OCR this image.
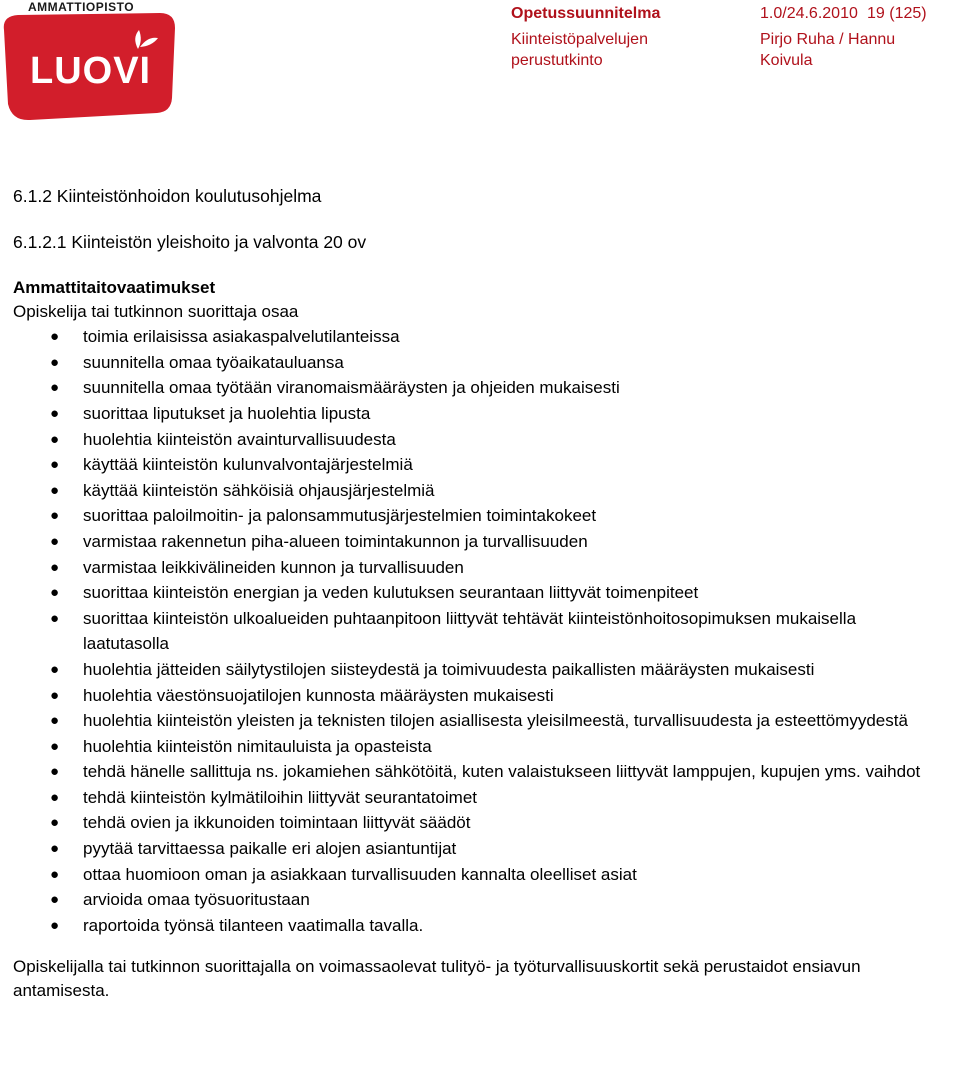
AMMATTIOPISTO
LUOVI
Opetussuunnitelma	1.0/24.6.2010 19 (125)
Kiinteistöpalvelujen perustutkinto
Pirjo Ruha / Hannu Koivula
6.1.2 Kiinteistönhoidon koulutusohjelma
6.1.2.1 Kiinteistön yleishoito ja valvonta 20 ov
Ammattitaitovaatimukset

Opiskelija tai tutkinnon suorittaja osaa

● toimia erilaisissa asiakaspalvelutilanteissa
● suunnitella omaa työaikatauluansa
● suunnitella omaa työtään viranomaismääräysten ja ohjeiden mukaisesti
● suorittaa liputukset ja huolehtia lipusta
● huolehtia kiinteistön avainturvallisuudesta
● käyttää kiinteistön kulunvalvontajärjestelmiä
● käyttää kiinteistön sähköisiä ohjausjärjestelmiä
● suorittaa paloilmoitin- ja palonsammutusjärjestelmien toimintakokeet
● varmistaa rakennetun piha-alueen toimintakunnon ja turvallisuuden
● varmistaa leikkivälineiden kunnon ja turvallisuuden
● suorittaa kiinteistön energian ja veden kulutuksen seurantaan liittyvät toimenpiteet
● suorittaa kiinteistön ulkoalueiden puhtaanpitoon liittyvät tehtävät kiinteistönhoitosopimuksen mukaisella laatutasolla
● huolehtia jätteiden säilytystilojen siisteydestä ja toimivuudesta paikallisten määräysten mukaisesti
● huolehtia väestönsuojatilojen kunnosta määräysten mukaisesti
● huolehtia kiinteistön yleisten ja teknisten tilojen asiallisesta yleisilmeestä, turvallisuudesta ja esteettömyydestä
● huolehtia kiinteistön nimitauluista ja opasteista
● tehdä hänelle sallittuja ns. jokamiehen sähkötöitä, kuten valaistukseen liittyvät lamppujen, kupujen yms. vaihdot
● tehdä kiinteistön kylmätiloihin liittyvät seurantatoimet
● tehdä ovien ja ikkunoiden toimintaan liittyvät säädöt
● pyytää tarvittaessa paikalle eri alojen asiantuntijat
● ottaa huomioon oman ja asiakkaan turvallisuuden kannalta oleelliset asiat
● arvioida omaa työsuoritustaan
● raportoida työnsä tilanteen vaatimalla tavalla.

Opiskelijalla tai tutkinnon suorittajalla on voimassaolevat tulityö- ja työturvallisuuskortit sekä perustaidot ensiavun antamisesta.
